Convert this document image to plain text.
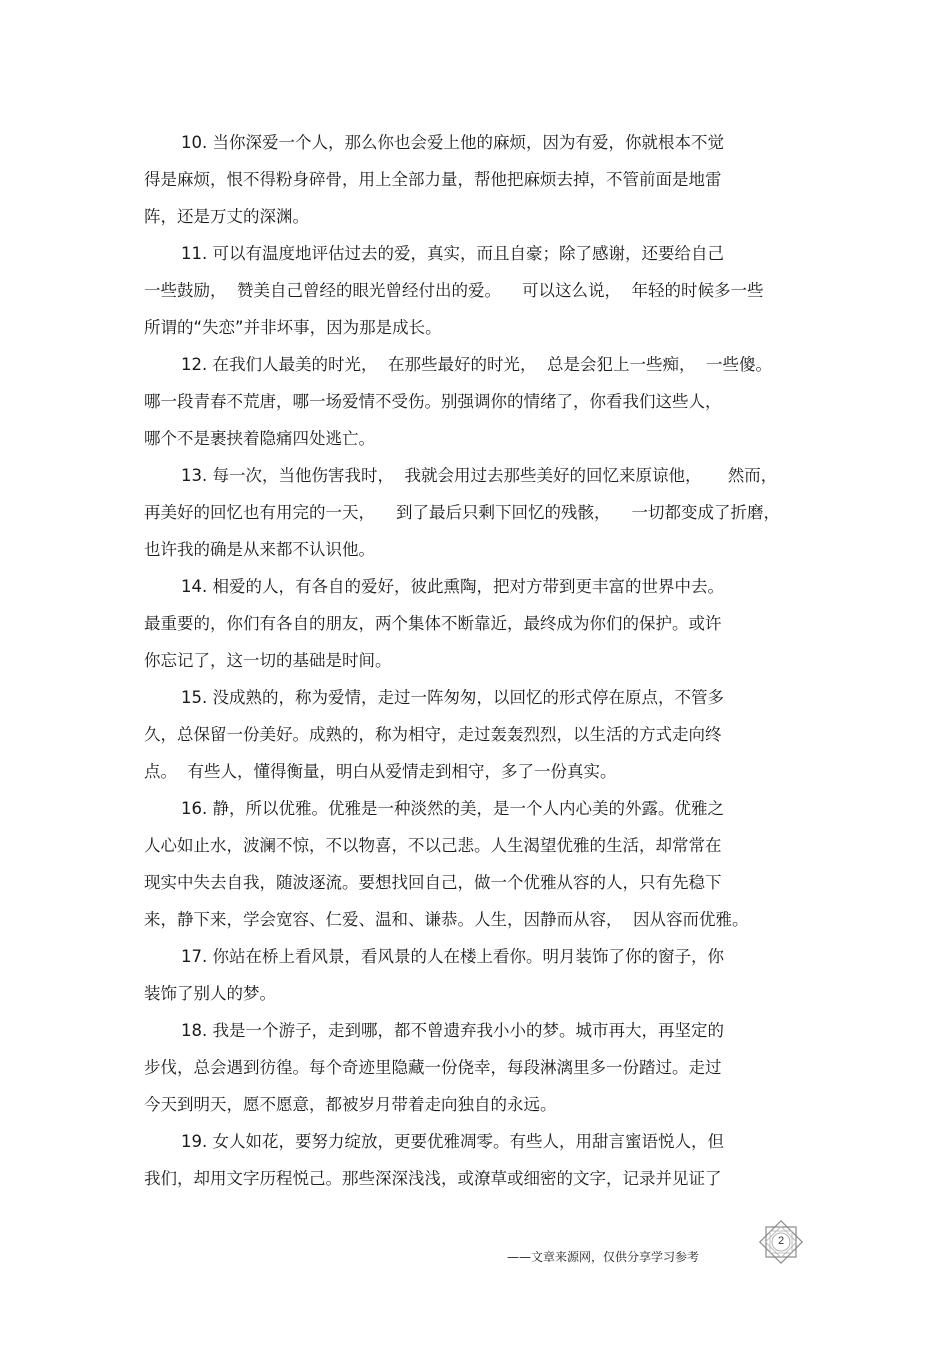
10. 当你深爱一个人，那么你也会爱上他的麻烦，因为有爱，你就根本不觉
得是麻烦，恨不得粉身碎骨，用上全部力量，帮他把麻烦去掉，不管前面是地雷
阵，还是万丈的深渊。
11. 可以有温度地评估过去的爱，真实，而且自豪；除了感谢，还要给自己
一些鼓励，  赞美自己曾经的眼光曾经付出的爱。    可以这么说，  年轻的时候多一些
所谓的“失恋”并非坏事，因为那是成长。
12. 在我们人最美的时光，  在那些最好的时光，  总是会犯上一些痴，  一些傻。
哪一段青春不荒唐，哪一场爱情不受伤。别强调你的情绪了，你看我们这些人，
哪个不是裹挟着隐痛四处逃亡。
13. 每一次，当他伤害我时，  我就会用过去那些美好的回忆来原谅他，     然而，
再美好的回忆也有用完的一天，    到了最后只剩下回忆的残骸，    一切都变成了折磨，
也许我的确是从来都不认识他。
14. 相爱的人，有各自的爱好，彼此熏陶，把对方带到更丰富的世界中去。
最重要的，你们有各自的朋友，两个集体不断靠近，最终成为你们的保护。或许
你忘记了，这一切的基础是时间。
15. 没成熟的，称为爱情，走过一阵匆匆，以回忆的形式停在原点，不管多
久，总保留一份美好。成熟的，称为相守，走过轰轰烈烈，以生活的方式走向终
点。  有些人，懂得衡量，明白从爱情走到相守，多了一份真实。
16. 静，所以优雅。优雅是一种淡然的美，是一个人内心美的外露。优雅之
人心如止水，波澜不惊，不以物喜，不以己悲。人生渴望优雅的生活，却常常在
现实中失去自我，随波逐流。要想找回自己，做一个优雅从容的人，只有先稳下
来，静下来，学会宽容、仁爱、温和、谦恭。人生，因静而从容，  因从容而优雅。
17. 你站在桥上看风景，看风景的人在楼上看你。明月装饰了你的窗子，你
装饰了别人的梦。
18. 我是一个游子，走到哪，都不曾遗弃我小小的梦。城市再大，再坚定的
步伐，总会遇到彷徨。每个奇迹里隐藏一份侥幸，每段淋漓里多一份踏过。走过
今天到明天，愿不愿意，都被岁月带着走向独自的永远。
19. 女人如花，要努力绽放，更要优雅凋零。有些人，用甜言蜜语悦人，但
我们，却用文字历程悦己。那些深深浅浅，或潦草或细密的文字，记录并见证了
——文章来源网，仅供分享学习参考
2
